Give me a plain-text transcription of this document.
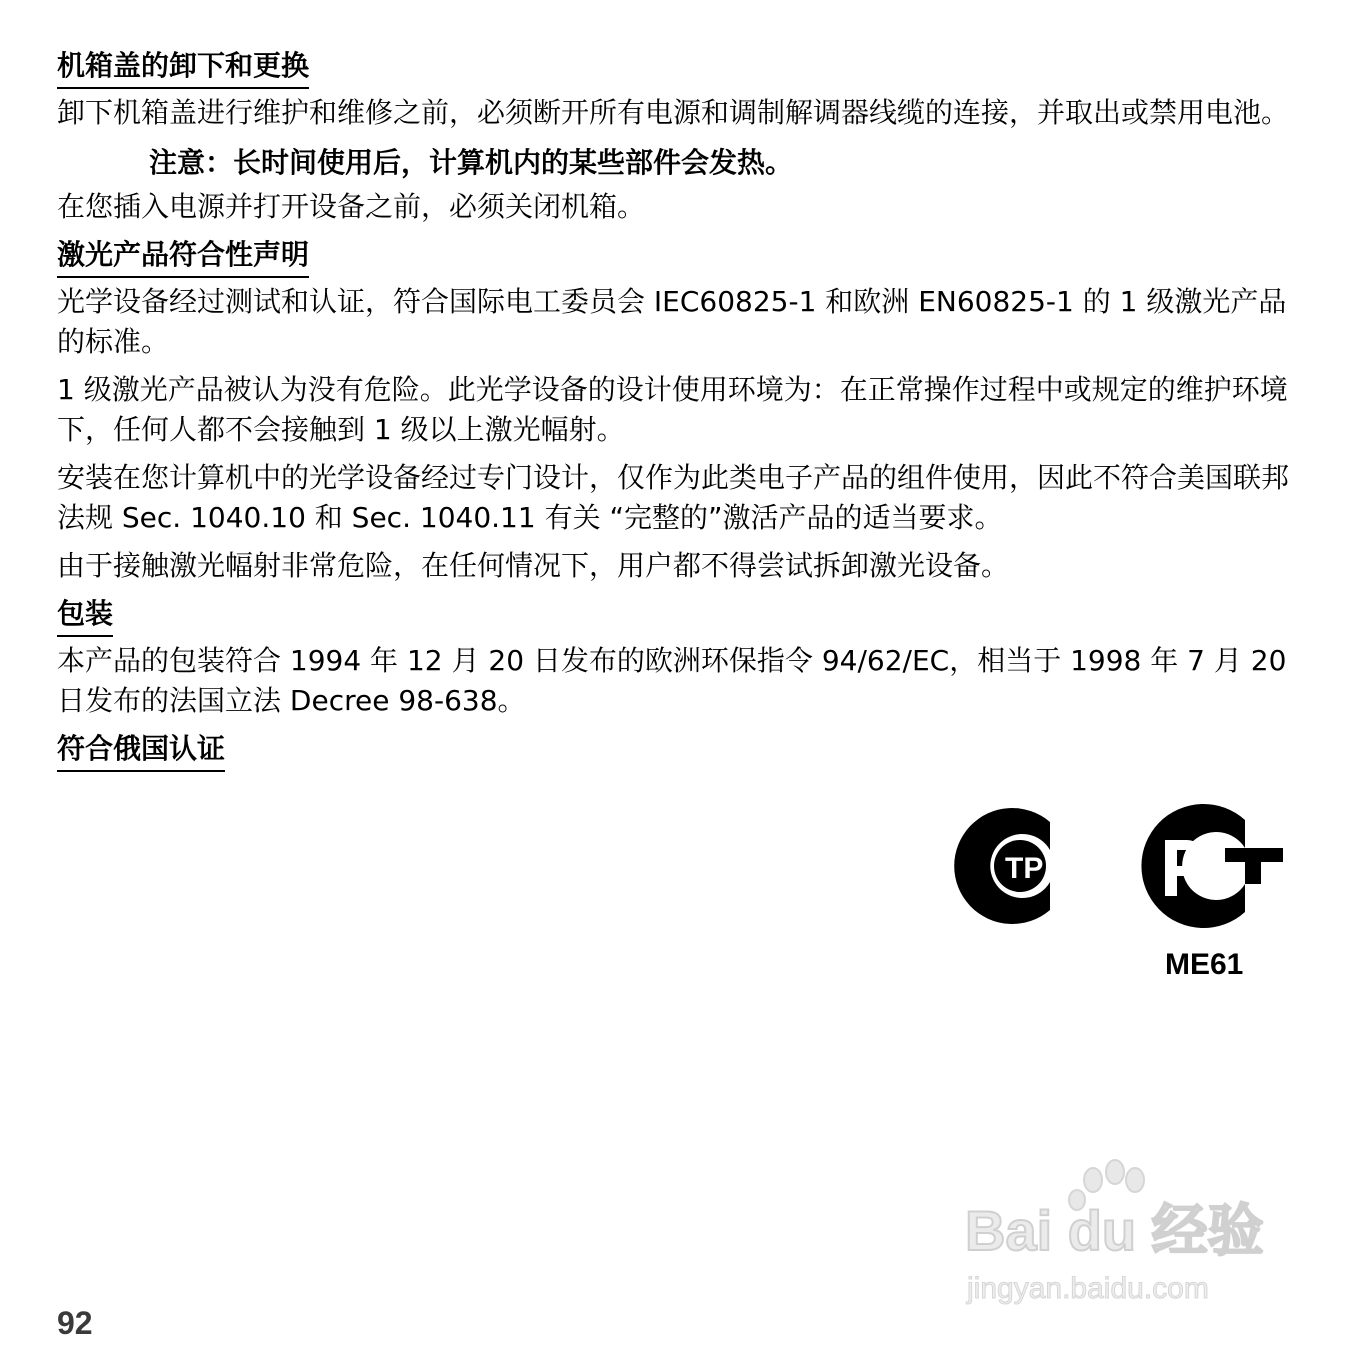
机箱盖的卸下和更换

卸下机箱盖进行维护和维修之前，必须断开所有电源和调制解调器线缆的连接，并取出或禁用电池。

注意：长时间使用后，计算机内的某些部件会发热。

在您插入电源并打开设备之前，必须关闭机箱。

激光产品符合性声明

光学设备经过测试和认证，符合国际电工委员会 IEC60825-1 和欧洲 EN60825-1 的 1 级激光产品的标准。

1 级激光产品被认为没有危险。此光学设备的设计使用环境为：在正常操作过程中或规定的维护环境下，任何人都不会接触到 1 级以上激光幅射。

安装在您计算机中的光学设备经过专门设计，仅作为此类电子产品的组件使用，因此不符合美国联邦法规 Sec. 1040.10 和 Sec. 1040.11 有关 “完整的”激活产品的适当要求。

由于接触激光幅射非常危险，在任何情况下，用户都不得尝试拆卸激光设备。

包装

本产品的包装符合 1994 年 12 月 20 日发布的欧洲环保指令 94/62/EC，相当于 1998 年 7 月 20 日发布的法国立法 Decree 98-638。

符合俄国认证
TP
ME61
Bai du 经验
jingyan.baidu.com
92
